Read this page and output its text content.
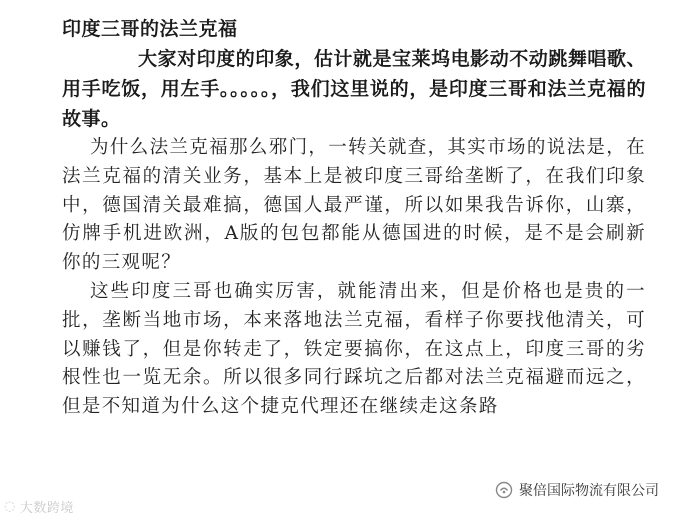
印度三哥的法兰克福

大家对印度的印象，估计就是宝莱坞电影动不动跳舞唱歌、用手吃饭，用左手。。。。。，我们这里说的，是印度三哥和法兰克福的故事。

为什么法兰克福那么邪门，一转关就查，其实市场的说法是，在法兰克福的清关业务，基本上是被印度三哥给垄断了，在我们印象中，德国清关最难搞，德国人最严谨，所以如果我告诉你，山寨，仿牌手机进欧洲，A版的包包都能从德国进的时候，是不是会刷新你的三观呢？

这些印度三哥也确实厉害，就能清出来，但是价格也是贵的一批，垄断当地市场，本来落地法兰克福，看样子你要找他清关，可以赚钱了，但是你转走了，铁定要搞你，在这点上，印度三哥的劣根性也一览无余。所以很多同行踩坑之后都对法兰克福避而远之，但是不知道为什么这个捷克代理还在继续走这条路

◌ 大数跨境
聚倍国际物流有限公司
